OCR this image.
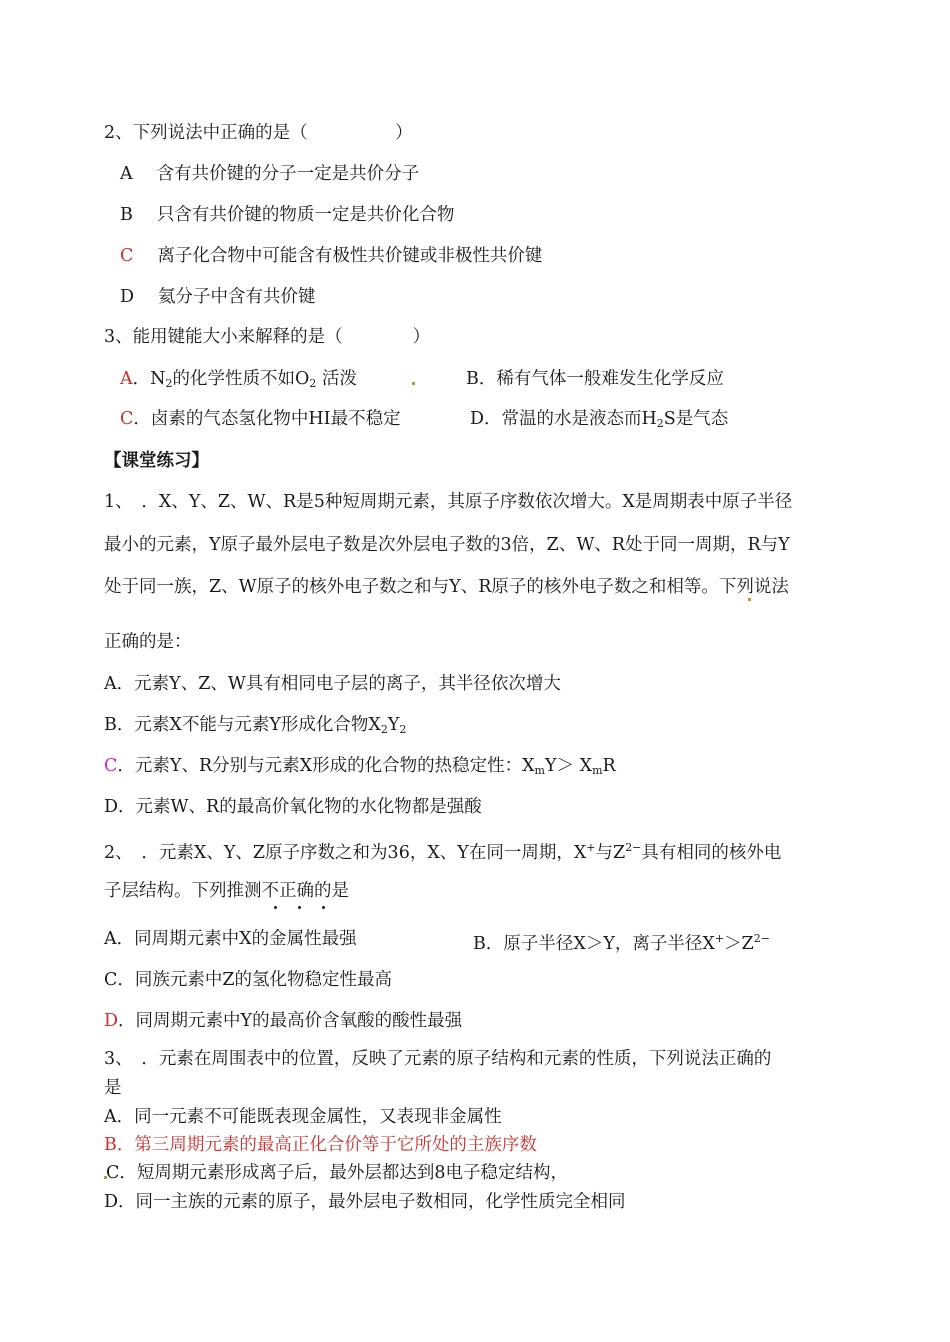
2、下列说法中正确的是（　　　　　）
A 含有共价键的分子一定是共价分子
B 只含有共价键的物质一定是共价化合物
C 离子化合物中可能含有极性共价键或非极性共价键
D 氦分子中含有共价键
3、能用键能大小来解释的是（　　　　）
A．$N_2$的化学性质不如$O_2$ 活泼	B．稀有气体一般难发生化学反应
C．卤素的气态氢化物中HI最不稳定	D．常温的水是液态而$H_2S$是气态
【课堂练习】
1、　．X、Y、Z、W、R是5种短周期元素，其原子序数依次增大。X是周期表中原子半径
最小的元素，Y原子最外层电子数是次外层电子数的3倍，Z、W、R处于同一周期，R与Y
处于同一族，Z、W原子的核外电子数之和与Y、R原子的核外电子数之和相等。下列说法
正确的是：
A．元素Y、Z、W具有相同电子层的离子，其半径依次增大
B．元素X不能与元素Y形成化合物$X_2Y_2$
C．元素Y、R分别与元素X形成的化合物的热稳定性：$X_mY> X_mR$
D．元素W、R的最高价氧化物的水化物都是强酸
2、　．元素X、Y、Z原子序数之和为36，X、Y在同一周期，X+与$Z^{2-}$具有相同的核外电
子层结构。下列推测不正确的是
A．同周期元素中X的金属性最强	B．原子半径X＞Y，离子半径$X^+>Z^{2-}$
C．同族元素中Z的氢化物稳定性最高
D．同周期元素中Y的最高价含氧酸的酸性最强
3、　．元素在周围表中的位置，反映了元素的原子结构和元素的性质，下列说法正确的
是
A．同一元素不可能既表现金属性，又表现非金属性
B．第三周期元素的最高正化合价等于它所处的主族序数
C．短周期元素形成离子后，最外层都达到8电子稳定结构，
D．同一主族的元素的原子，最外层电子数相同，化学性质完全相同
